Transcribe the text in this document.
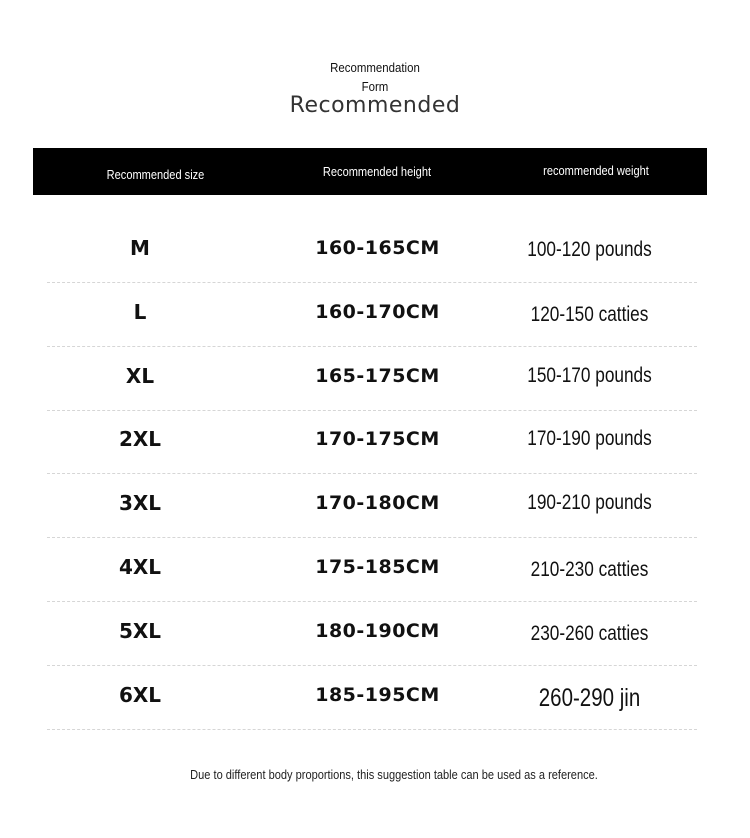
Recommendation
Form
Recommended
Recommended size	Recommended height	recommended weight
M	160-165CM	100-120 pounds
L	160-170CM	120-150 catties
XL	165-175CM	150-170 pounds
2XL	170-175CM	170-190 pounds
3XL	170-180CM	190-210 pounds
4XL	175-185CM	210-230 catties
5XL	180-190CM	230-260 catties
6XL	185-195CM	260-290 jin
Due to different body proportions, this suggestion table can be used as a reference.
